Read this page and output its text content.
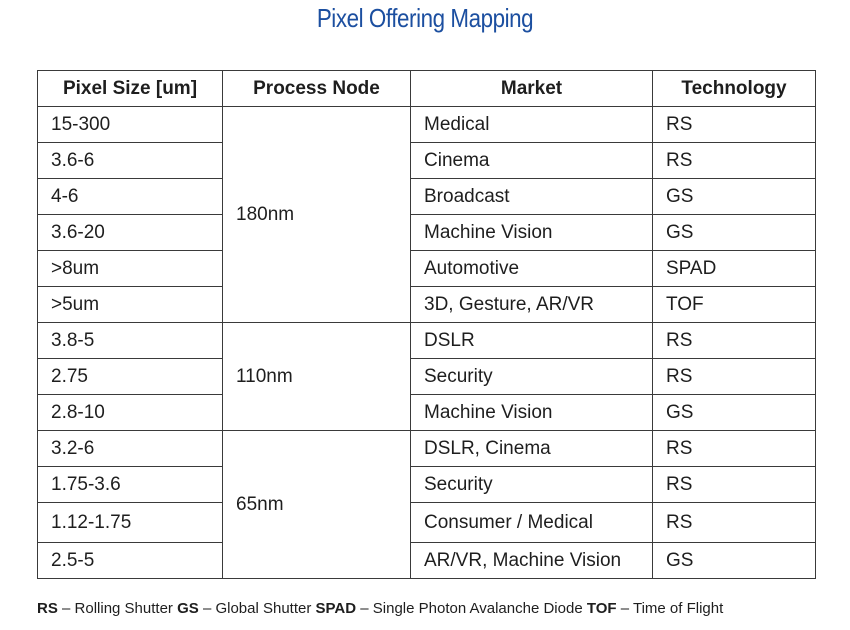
Pixel Offering Mapping
Pixel Size [um]	Process Node	Market	Technology
15-300	180nm	Medical	RS
3.6-6		Cinema	RS
4-6		Broadcast	GS
3.6-20		Machine Vision	GS
>8um		Automotive	SPAD
>5um		3D, Gesture, AR/VR	TOF
3.8-5	110nm	DSLR	RS
2.75		Security	RS
2.8-10		Machine Vision	GS
3.2-6	65nm	DSLR, Cinema	RS
1.75-3.6		Security	RS
1.12-1.75		Consumer / Medical	RS
2.5-5		AR/VR, Machine Vision	GS
RS – Rolling Shutter GS – Global Shutter SPAD – Single Photon Avalanche Diode TOF – Time of Flight
